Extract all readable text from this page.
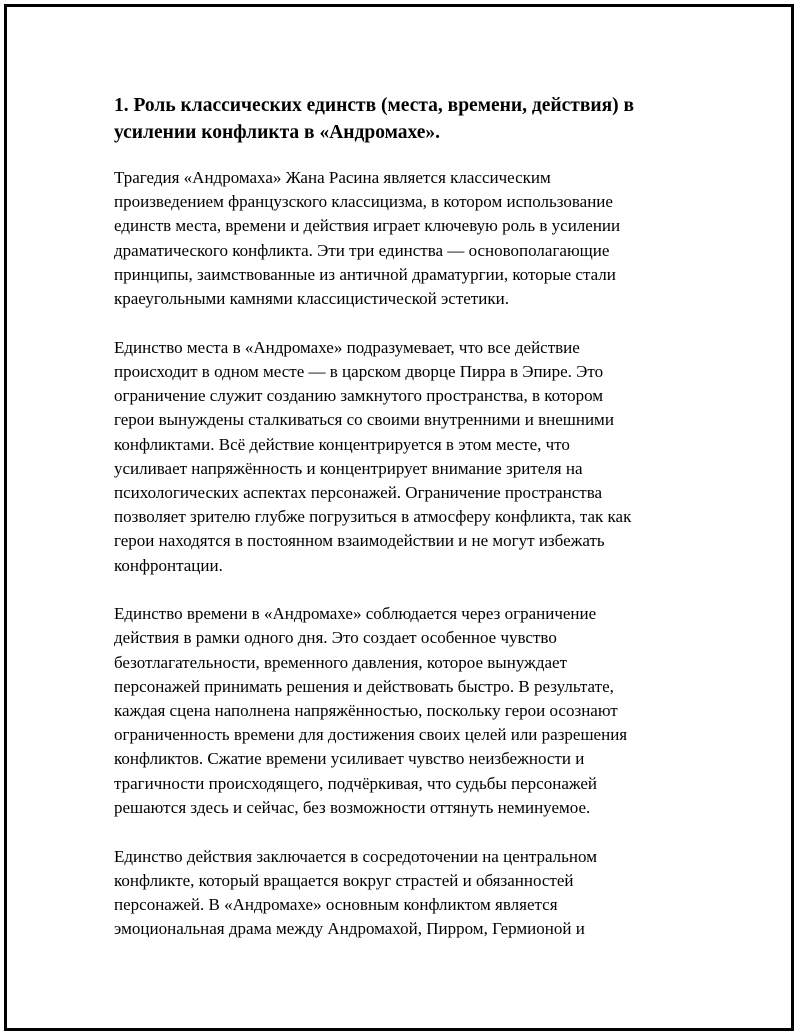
1. Роль классических единств (места, времени, действия) в
усилении конфликта в «Андромахе».
Трагедия «Андромаха» Жана Расина является классическим
произведением французского классицизма, в котором использование
единств места, времени и действия играет ключевую роль в усилении
драматического конфликта. Эти три единства — основополагающие
принципы, заимствованные из античной драматургии, которые стали
краеугольными камнями классицистической эстетики.
Единство места в «Андромахе» подразумевает, что все действие
происходит в одном месте — в царском дворце Пирра в Эпире. Это
ограничение служит созданию замкнутого пространства, в котором
герои вынуждены сталкиваться со своими внутренними и внешними
конфликтами. Всё действие концентрируется в этом месте, что
усиливает напряжённость и концентрирует внимание зрителя на
психологических аспектах персонажей. Ограничение пространства
позволяет зрителю глубже погрузиться в атмосферу конфликта, так как
герои находятся в постоянном взаимодействии и не могут избежать
конфронтации.
Единство времени в «Андромахе» соблюдается через ограничение
действия в рамки одного дня. Это создает особенное чувство
безотлагательности, временного давления, которое вынуждает
персонажей принимать решения и действовать быстро. В результате,
каждая сцена наполнена напряжённостью, поскольку герои осознают
ограниченность времени для достижения своих целей или разрешения
конфликтов. Сжатие времени усиливает чувство неизбежности и
трагичности происходящего, подчёркивая, что судьбы персонажей
решаются здесь и сейчас, без возможности оттянуть неминуемое.
Единство действия заключается в сосредоточении на центральном
конфликте, который вращается вокруг страстей и обязанностей
персонажей. В «Андромахе» основным конфликтом является
эмоциональная драма между Андромахой, Пирром, Гермионой и
